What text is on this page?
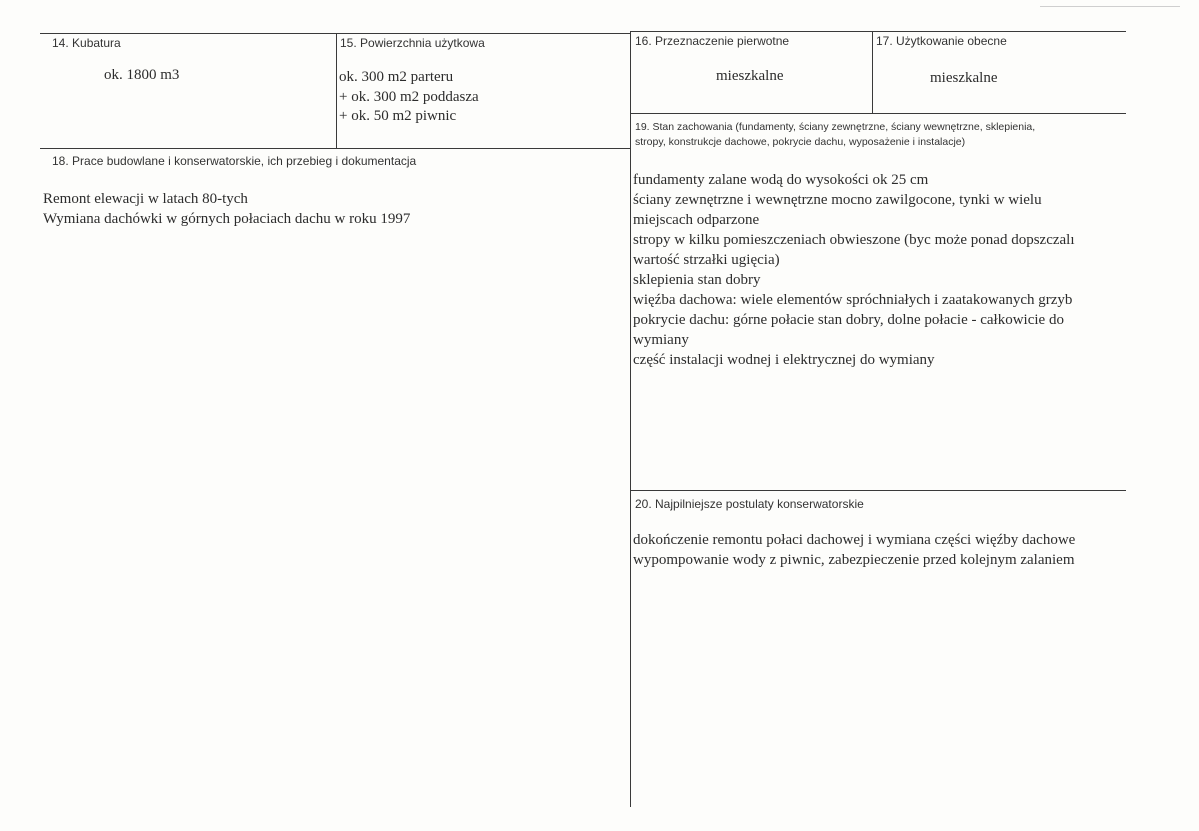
14. Kubatura
ok. 1800 m3
15. Powierzchnia użytkowa
ok. 300 m2 parteru
+ ok. 300 m2 poddasza
+ ok. 50 m2 piwnic
16. Przeznaczenie pierwotne
mieszkalne
17. Użytkowanie obecne
mieszkalne
18. Prace budowlane i konserwatorskie, ich przebieg i dokumentacja
Remont elewacji w latach 80-tych
Wymiana dachówki w górnych połaciach dachu w roku 1997
19. Stan zachowania (fundamenty, ściany zewnętrzne, ściany wewnętrzne, sklepienia,
stropy, konstrukcje dachowe, pokrycie dachu, wyposażenie i instalacje)
fundamenty zalane wodą do wysokości ok 25 cm
ściany zewnętrzne i wewnętrzne mocno zawilgocone, tynki w wielu
miejscach odparzone
stropy w kilku pomieszczeniach obwieszone (byc może ponad dopszczalı
wartość strzałki ugięcia)
sklepienia stan dobry
więźba dachowa: wiele elementów spróchniałych i zaatakowanych grzyb
pokrycie dachu: górne połacie stan dobry, dolne połacie - całkowicie do
wymiany
część instalacji wodnej i elektrycznej do wymiany
20. Najpilniejsze postulaty konserwatorskie
dokończenie remontu połaci dachowej i wymiana części więźby dachowe
wypompowanie wody z piwnic, zabezpieczenie przed kolejnym zalaniem
